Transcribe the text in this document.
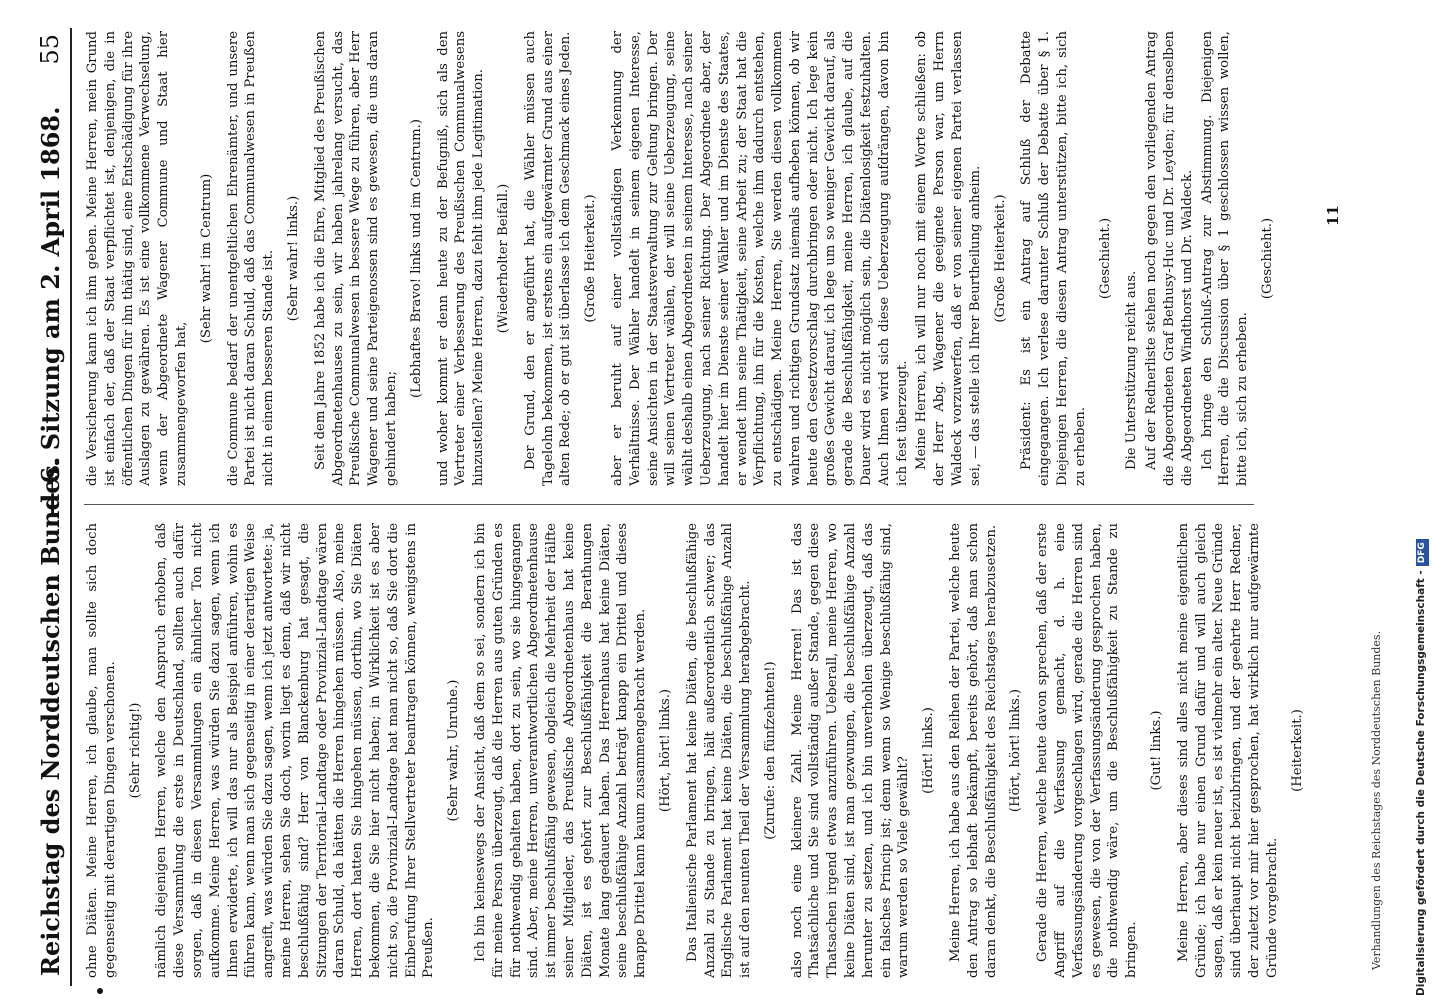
Reichstag des Norddeutschen Bundes.
— 6. Sitzung am 2. April 1868.
55

ohne Diäten. Meine Herren, ich glaube, man sollte sich doch gegenseitig mit derartigen Dingen verschonen. (Sehr richtig!) nämlich diejenigen Herren, welche den Anspruch erhoben, daß diese Versammlung die erste in Deutschland, sollten auch dafür sorgen, daß in diesen Versammlungen ein ähnlicher Ton nicht aufkomme. Meine Herren, was würden Sie dazu sagen, wenn ich Ihnen erwiderte, ich will das nur als Beispiel anführen, wohin es führen kann, wenn man sich gegenseitig in einer derartigen Weise angreift, was würden Sie dazu sagen, wenn ich jetzt antwortete: ja, meine Herren, sehen Sie doch, worin liegt es denn, daß wir nicht beschlußfähig sind? Herr von Blanckenburg hat gesagt, die Sitzungen der Territorial-Landtage oder Provinzial-Landtage wären daran Schuld, da hätten die Herren hingehen müssen. Also, meine Herren, dort hatten Sie hingehen müssen, dorthin, wo Sie Diäten bekommen, die Sie hier nicht haben; in Wirklichkeit ist es aber nicht so, die Provinzial-Landtage hat man nicht so, daß Sie dort die Einberufung Ihrer Stellvertreter beantragen können, wenigstens in Preußen.

(Sehr wahr, Unruhe.) Ich bin keineswegs der Ansicht, daß dem so sei, sondern ich bin für meine Person überzeugt, daß die Herren aus guten Gründen es für nothwendig gehalten haben, dort zu sein, wo sie hingegangen sind. Aber, meine Herren, unverantwortlichen Abgeordnetenhause ist immer beschlußfähig gewesen, obgleich die Mehrheit der Hälfte seiner Mitglieder, das Preußische Abgeordnetenhaus hat keine Diäten, ist es gehört zur Beschlußfähigkeit die Berathungen Monate lang gedauert haben. Das Herrenhaus hat keine Diäten, seine beschlußfähige Anzahl beträgt knapp ein Drittel und dieses knappe Drittel kann kaum zusammengebracht werden. (Hört, hört! links.) Das Italienische Parlament hat keine Diäten, die beschlußfähige Anzahl zu Stande zu bringen, hält außerordentlich schwer; das Englische Parlament hat keine Diäten, die beschlußfähige Anzahl ist auf den neunten Theil der Versammlung herabgebracht. (Zurufe: den fünfzehnten!) also noch eine kleinere Zahl. Meine Herren! Das ist das Thatsächliche und Sie sind vollständig außer Stande, gegen diese Thatsachen irgend etwas anzuführen. Ueberall, meine Herren, wo keine Diäten sind, ist man gezwungen, die beschlußfähige Anzahl herunter zu setzen, und ich bin unverhohlen überzeugt, daß das ein falsches Princip ist; denn wenn so Wenige beschlußfähig sind, warum werden so Viele gewählt?

(Hört! links.) Meine Herren, ich habe aus den Reihen der Partei, welche heute den Antrag so lebhaft bekämpft, bereits gehört, daß man schon daran denkt, die Beschlußfähigkeit des Reichstages herabzusetzen. (Hört, hört! links.) Gerade die Herren, welche heute davon sprechen, daß der erste Angriff auf die Verfassung gemacht, d. h. eine Verfassungsänderung vorgeschlagen wird, gerade die Herren sind es gewesen, die von der Verfassungsänderung gesprochen haben, die nothwendig wäre, um die Beschlußfähigkeit zu Stande zu bringen.

(Gut! links.) Meine Herren, aber dieses sind alles nicht meine eigentlichen Gründe; ich habe nur einen Grund dafür und will auch gleich sagen, daß er kein neuer ist, es ist vielmehr ein alter. Neue Gründe sind überhaupt nicht beizubringen, und der geehrte Herr Redner, der zuletzt vor mir hier gesprochen, hat wirklich nur aufgewärmte Gründe vorgebracht.

(Heiterkeit.)

die Versicherung kann ich ihm geben. Meine Herren, mein Grund ist einfach der, daß der Staat verpflichtet ist, denjenigen, die in öffentlichen Dingen für ihn thätig sind, eine Entschädigung für ihre Auslagen zu gewähren. Es ist eine vollkommene Verwechselung, wenn der Abgeordnete Wagener Commune und Staat hier zusammengeworfen hat,

(Sehr wahr! im Centrum) die Commune bedarf der unentgeltlichen Ehrenämter, und unsere Partei ist nicht daran Schuld, daß das Communalwesen in Preußen nicht in einem besseren Stande ist. (Sehr wahr! links.) Seit dem Jahre 1852 habe ich die Ehre, Mitglied des Preußischen Abgeordnetenhauses zu sein, wir haben jahrelang versucht, das Preußische Communalwesen in bessere Wege zu führen, aber Herr Wagener und seine Parteigenossen sind es gewesen, die uns daran gehindert haben;

(Lebhaftes Bravo! links und im Centrum.) und woher kommt er denn heute zu der Befugniß, sich als den Vertreter einer Verbesserung des Preußischen Communalwesens hinzustellen? Meine Herren, dazu fehlt ihm jede Legitimation. (Wiederholter Beifall.) Der Grund, den er angeführt hat, die Wähler müssen auch Tagelohn bekommen, ist erstens ein aufgewärmter Grund aus einer alten Rede; ob er gut ist überlasse ich dem Geschmack eines Jeden. (Große Heiterkeit.) aber er beruht auf einer vollständigen Verkennung der Verhältnisse. Der Wähler handelt in seinem eigenen Interesse, seine Ansichten in der Staatsverwaltung zur Geltung bringen. Der will seinen Vertreter wählen, der will seine Ueberzeugung, seine wählt deshalb einen Abgeordneten in seinem Interesse, nach seiner Ueberzeugung, nach seiner Richtung. Der Abgeordnete aber, der handelt hier im Dienste seiner Wähler und im Dienste des Staates, er wendet ihm seine Thätigkeit, seine Arbeit zu; der Staat hat die Verpflichtung, ihn für die Kosten, welche ihm dadurch entstehen, zu entschädigen. Meine Herren, Sie werden diesen vollkommen wahren und richtigen Grundsatz niemals aufheben können, ob wir heute den Gesetzvorschlag durchbringen oder nicht. Ich lege kein großes Gewicht darauf, ich lege um so weniger Gewicht darauf, als gerade die Beschlußfähigkeit, meine Herren, ich glaube, auf die Dauer wird es nicht möglich sein, die Diätenlosigkeit festzuhalten. Auch Ihnen wird sich diese Ueberzeugung aufdrängen, davon bin ich fest überzeugt. Meine Herren, ich will nur noch mit einem Worte schließen: ob der Herr Abg. Wagener die geeignete Person war, um Herrn Waldeck vorzuwerfen, daß er von seiner eigenen Partei verlassen sei, — das stelle ich Ihrer Beurtheilung anheim. (Große Heiterkeit.) Präsident: Es ist ein Antrag auf Schluß der Debatte eingegangen. Ich verlese darunter Schluß der Debatte über § 1. Diejenigen Herren, die diesen Antrag unterstützen, bitte ich, sich zu erheben.

(Geschieht.)

Die Unterstützung reicht aus. Auf der Rednerliste stehen noch gegen den vorliegenden Antrag die Abgeordneten Graf Bethusy-Huc und Dr. Leyden; für denselben die Abgeordneten Windthorst und Dr. Waldeck. Ich bringe den Schluß-Antrag zur Abstimmung. Diejenigen Herren, die die Discussion über § 1 geschlossen wissen wollen, bitte ich, sich zu erheben.

(Geschieht.)

11
Verhandlungen des Reichstages des Norddeutschen Bundes.	Digitalisierung gefördert durch die Deutsche Forschungsgemeinschaft -DFG
